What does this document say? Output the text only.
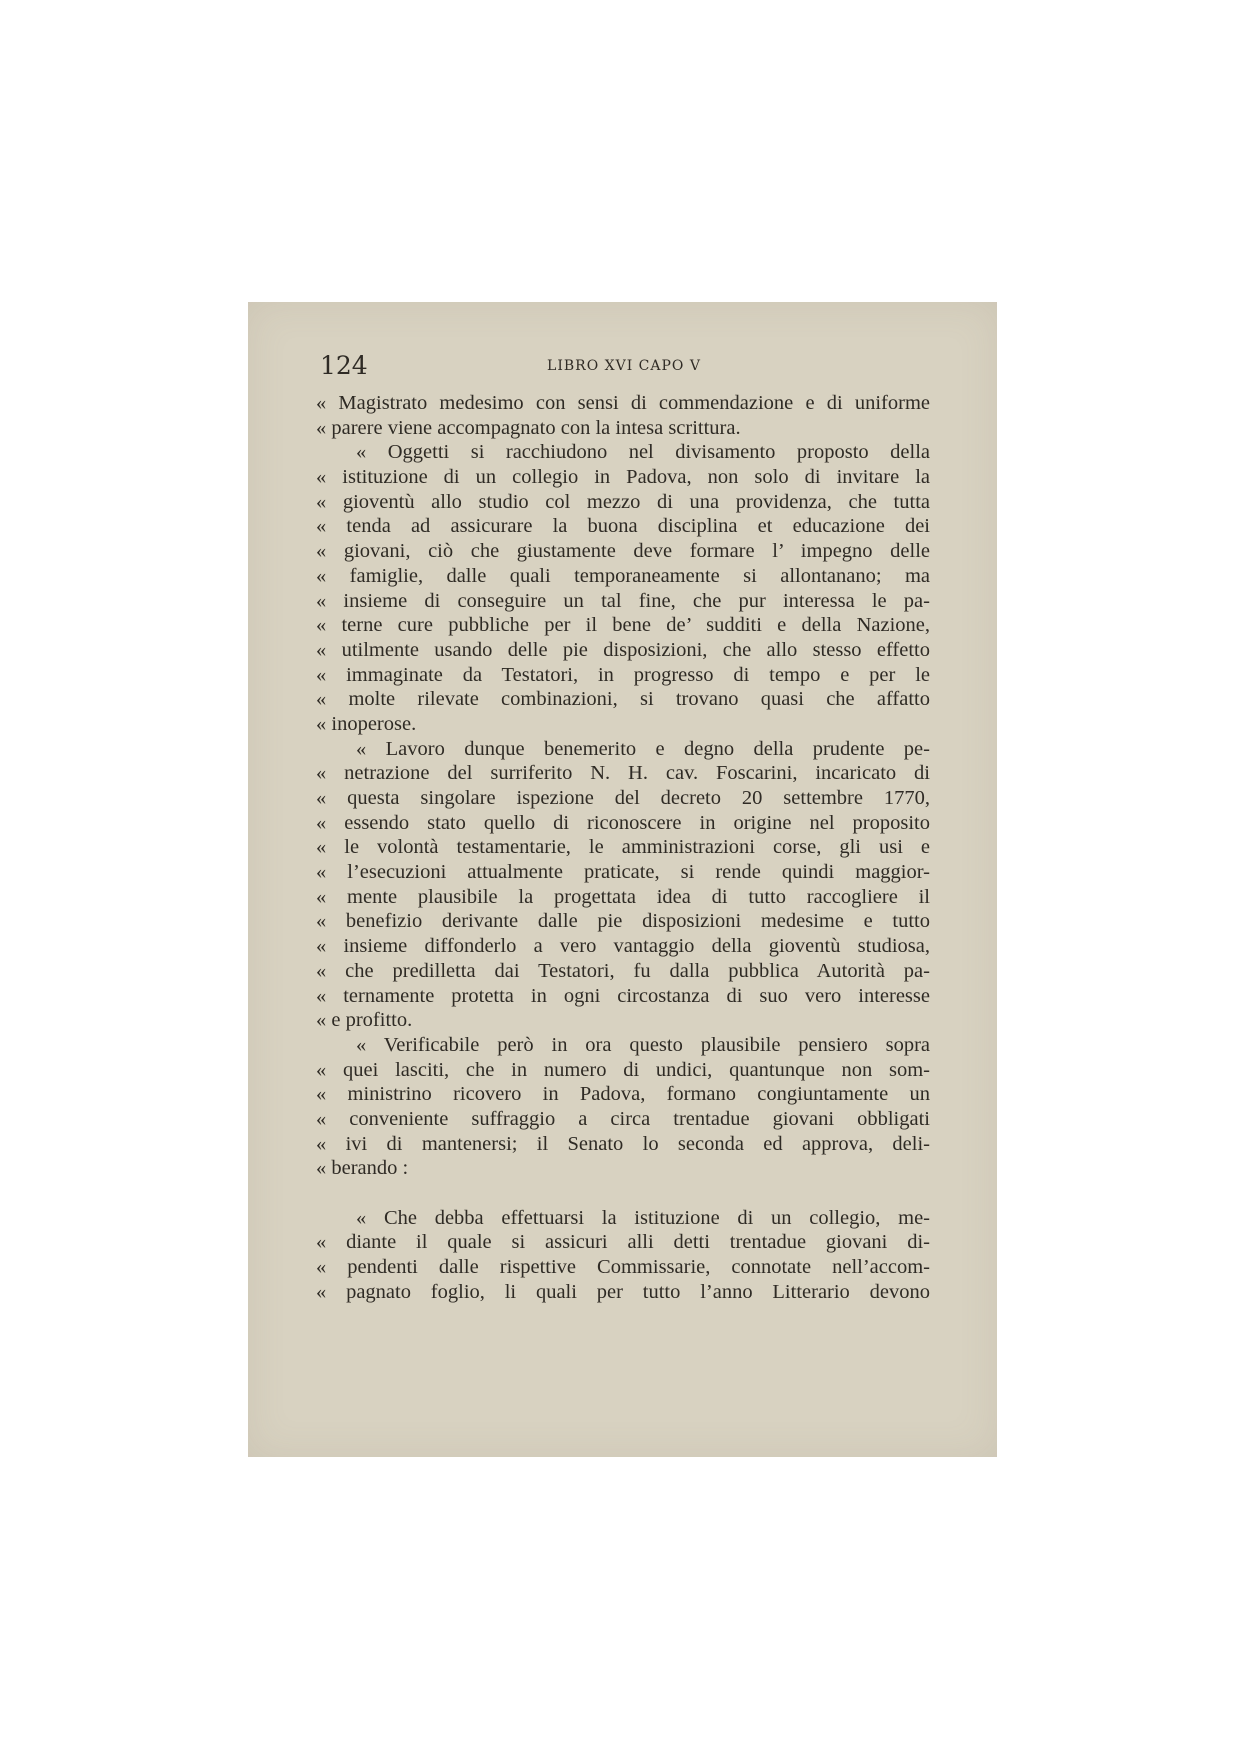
124	LIBRO XVI CAPO V
« Magistrato medesimo con sensi di commendazione e di uniforme
« parere viene accompagnato con la intesa scrittura.
« Oggetti si racchiudono nel divisamento proposto della
« istituzione di un collegio in Padova, non solo di invitare la
« gioventù allo studio col mezzo di una providenza, che tutta
« tenda ad assicurare la buona disciplina et educazione dei
« giovani, ciò che giustamente deve formare l’ impegno delle
« famiglie, dalle quali temporaneamente si allontanano; ma
« insieme di conseguire un tal fine, che pur interessa le pa-
« terne cure pubbliche per il bene de’ sudditi e della Nazione,
« utilmente usando delle pie disposizioni, che allo stesso effetto
« immaginate da Testatori, in progresso di tempo e per le
« molte rilevate combinazioni, si trovano quasi che affatto
« inoperose.
« Lavoro dunque benemerito e degno della prudente pe-
« netrazione del surriferito N. H. cav. Foscarini, incaricato di
« questa singolare ispezione del decreto 20 settembre 1770,
« essendo stato quello di riconoscere in origine nel proposito
« le volontà testamentarie, le amministrazioni corse, gli usi e
« l’esecuzioni attualmente praticate, si rende quindi maggior-
« mente plausibile la progettata idea di tutto raccogliere il
« benefizio derivante dalle pie disposizioni medesime e tutto
« insieme diffonderlo a vero vantaggio della gioventù studiosa,
« che predilletta dai Testatori, fu dalla pubblica Autorità pa-
« ternamente protetta in ogni circostanza di suo vero interesse
« e profitto.
« Verificabile però in ora questo plausibile pensiero sopra
« quei lasciti, che in numero di undici, quantunque non som-
« ministrino ricovero in Padova, formano congiuntamente un
« conveniente suffraggio a circa trentadue giovani obbligati
« ivi di mantenersi; il Senato lo seconda ed approva, deli-
« berando :
« Che debba effettuarsi la istituzione di un collegio, me-
« diante il quale si assicuri alli detti trentadue giovani di-
« pendenti dalle rispettive Commissarie, connotate nell’accom-
« pagnato foglio, li quali per tutto l’anno Litterario devono
